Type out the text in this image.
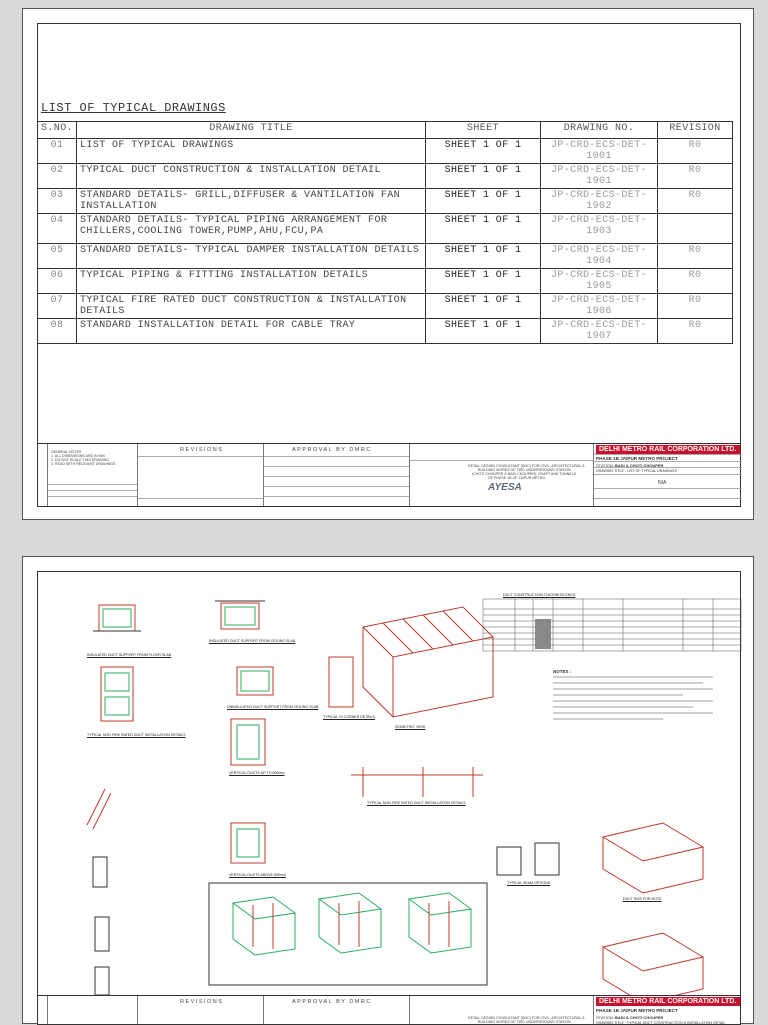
LIST OF TYPICAL DRAWINGS
S.NO.	DRAWING TITLE	SHEET	DRAWING NO.	REVISION
01	LIST OF TYPICAL DRAWINGS	SHEET 1 OF 1	JP-CRD-ECS-DET-1001	R0
02	TYPICAL DUCT CONSTRUCTION & INSTALLATION DETAIL	SHEET 1 OF 1	JP-CRD-ECS-DET-1901	R0
03	STANDARD DETAILS- GRILL,DIFFUSER & VANTILATION FAN INSTALLATION	SHEET 1 OF 1	JP-CRD-ECS-DET-1902	R0
04	STANDARD DETAILS- TYPICAL PIPING ARRANGEMENT FOR CHILLERS,COOLING TOWER,PUMP,AHU,FCU,PA	SHEET 1 OF 1	JP-CRD-ECS-DET-1903	
05	STANDARD DETAILS- TYPICAL DAMPER INSTALLATION DETAILS	SHEET 1 OF 1	JP-CRD-ECS-DET-1904	R0
06	TYPICAL PIPING & FITTING INSTALLATION DETAILS	SHEET 1 OF 1	JP-CRD-ECS-DET-1905	R0
07	TYPICAL FIRE RATED DUCT CONSTRUCTION & INSTALLATION DETAILS	SHEET 1 OF 1	JP-CRD-ECS-DET-1906	R0
08	STANDARD INSTALLATION DETAIL FOR CABLE TRAY	SHEET 1 OF 1	JP-CRD-ECS-DET-1907	R0
GENERAL NOTES
1. ALL DIMENSIONS ARE IN MM
2. DO NOT SCALE THIS DRAWING
3. READ WITH RELEVANT DRAWINGS
REVISIONS	APPROVAL BY DMRC
DETAIL DESIGN CONSULTANT (DDC) FOR CIVIL, ARCHITECTURAL &
BUILDING WORKS OF TWO UNDERGROUND STATION
(CHOTI CHOUPER & BADI CHOUPER), SHAFT AND TUNNELS
OF PHASE 1B OF JAIPUR METRO
AYESA
DELHI METRO RAIL CORPORATION LTD.
PHASE 1B JAIPUR METRO PROJECT
STATION: BADI & CHOTI CHOUPER
DRAWING TITLE : LIST OF TYPICAL DRAWINGS
N/A
INSULATED DUCT SUPPORT FROM FLOOR SLAB
INSULATED DUCT SUPPORT FROM CEILING SLAB
UNINSULATED DUCT SUPPORT FROM CEILING SLAB
TYPICAL NON FIRE RATED DUCT INSTALLATION DETAILS
TYPICAL GI CORNER DETAILS
ISOMETRIC VIEW
VERTICAL DUCTS UP TO 600mm
VERTICAL DUCTS ABOVE 600mm
TYPICAL NON FIRE RATED DUCT INSTALLATION DETAILS
TYPICAL SEAM OPTIONS
DUCT SIZE FOR NOTE
NOTES :
DUCT CONSTRUCTION THICKNESS ENDS
REVISIONS	APPROVAL BY DMRC
DETAIL DESIGN CONSULTANT (DDC) FOR CIVIL, ARCHITECTURAL &
BUILDING WORKS OF TWO UNDERGROUND STATION
DELHI METRO RAIL CORPORATION LTD.
PHASE 1B JAIPUR METRO PROJECT
STATION: BADI & CHOTI CHOUPER
DRAWING TITLE : TYPICAL DUCT CONSTRUCTION & INSTALLATION DETAIL
